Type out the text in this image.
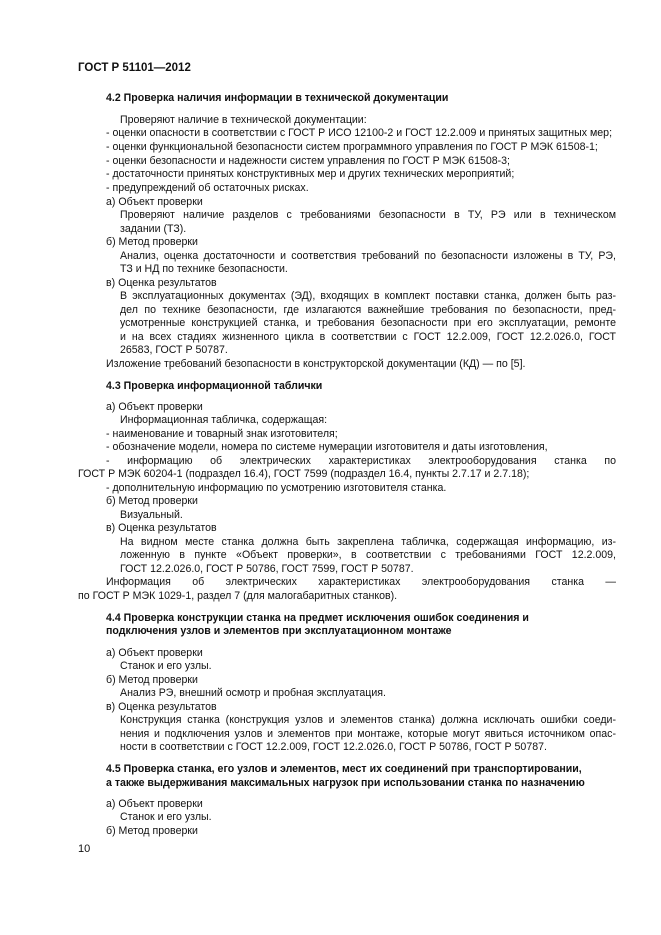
ГОСТ Р 51101—2012
4.2 Проверка наличия информации в технической документации
Проверяют наличие в технической документации:
- оценки опасности в соответствии с ГОСТ Р ИСО 12100-2 и ГОСТ 12.2.009 и принятых защитных мер;
- оценки функциональной безопасности систем программного управления по ГОСТ Р МЭК 61508-1;
- оценки безопасности и надежности систем управления по ГОСТ Р МЭК 61508-3;
- достаточности принятых конструктивных мер и других технических мероприятий;
- предупреждений об остаточных рисках.
а) Объект проверки
Проверяют наличие разделов с требованиями безопасности в ТУ, РЭ или в техническом
задании (ТЗ).
б) Метод проверки
Анализ, оценка достаточности и соответствия требований по безопасности изложены в ТУ, РЭ,
ТЗ и НД по технике безопасности.
в) Оценка результатов
В эксплуатационных документах (ЭД), входящих в комплект поставки станка, должен быть раз-
дел по технике безопасности, где излагаются важнейшие требования по безопасности, пред-
усмотренные конструкцией станка, и требования безопасности при его эксплуатации, ремонте
и на всех стадиях жизненного цикла в соответствии с ГОСТ 12.2.009, ГОСТ 12.2.026.0, ГОСТ
26583, ГОСТ Р 50787.
Изложение требований безопасности в конструкторской документации (КД) — по [5].
4.3 Проверка информационной таблички
а) Объект проверки
Информационная табличка, содержащая:
- наименование и товарный знак изготовителя;
- обозначение модели, номера по системе нумерации изготовителя и даты изготовления,
- информацию об электрических характеристиках электрооборудования станка по
ГОСТ Р МЭК 60204-1 (подраздел 16.4), ГОСТ 7599 (подраздел 16.4, пункты 2.7.17 и 2.7.18);
- дополнительную информацию по усмотрению изготовителя станка.
б) Метод проверки
Визуальный.
в) Оценка результатов
На видном месте станка должна быть закреплена табличка, содержащая информацию, из-
ложенную в пункте «Объект проверки», в соответствии с требованиями ГОСТ 12.2.009,
ГОСТ 12.2.026.0, ГОСТ Р 50786, ГОСТ 7599, ГОСТ Р 50787.
Информация об электрических характеристиках электрооборудования станка —
по ГОСТ Р МЭК 1029-1, раздел 7 (для малогабаритных станков).
4.4 Проверка конструкции станка на предмет исключения ошибок соединения и
подключения узлов и элементов при эксплуатационном монтаже
а) Объект проверки
Станок и его узлы.
б) Метод проверки
Анализ РЭ, внешний осмотр и пробная эксплуатация.
в) Оценка результатов
Конструкция станка (конструкция узлов и элементов станка) должна исключать ошибки соеди-
нения и подключения узлов и элементов при монтаже, которые могут явиться источником опас-
ности в соответствии с ГОСТ 12.2.009, ГОСТ 12.2.026.0, ГОСТ Р 50786, ГОСТ Р 50787.
4.5 Проверка станка, его узлов и элементов, мест их соединений при транспортировании,
а также выдерживания максимальных нагрузок при использовании станка по назначению
а) Объект проверки
Станок и его узлы.
б) Метод проверки
10
